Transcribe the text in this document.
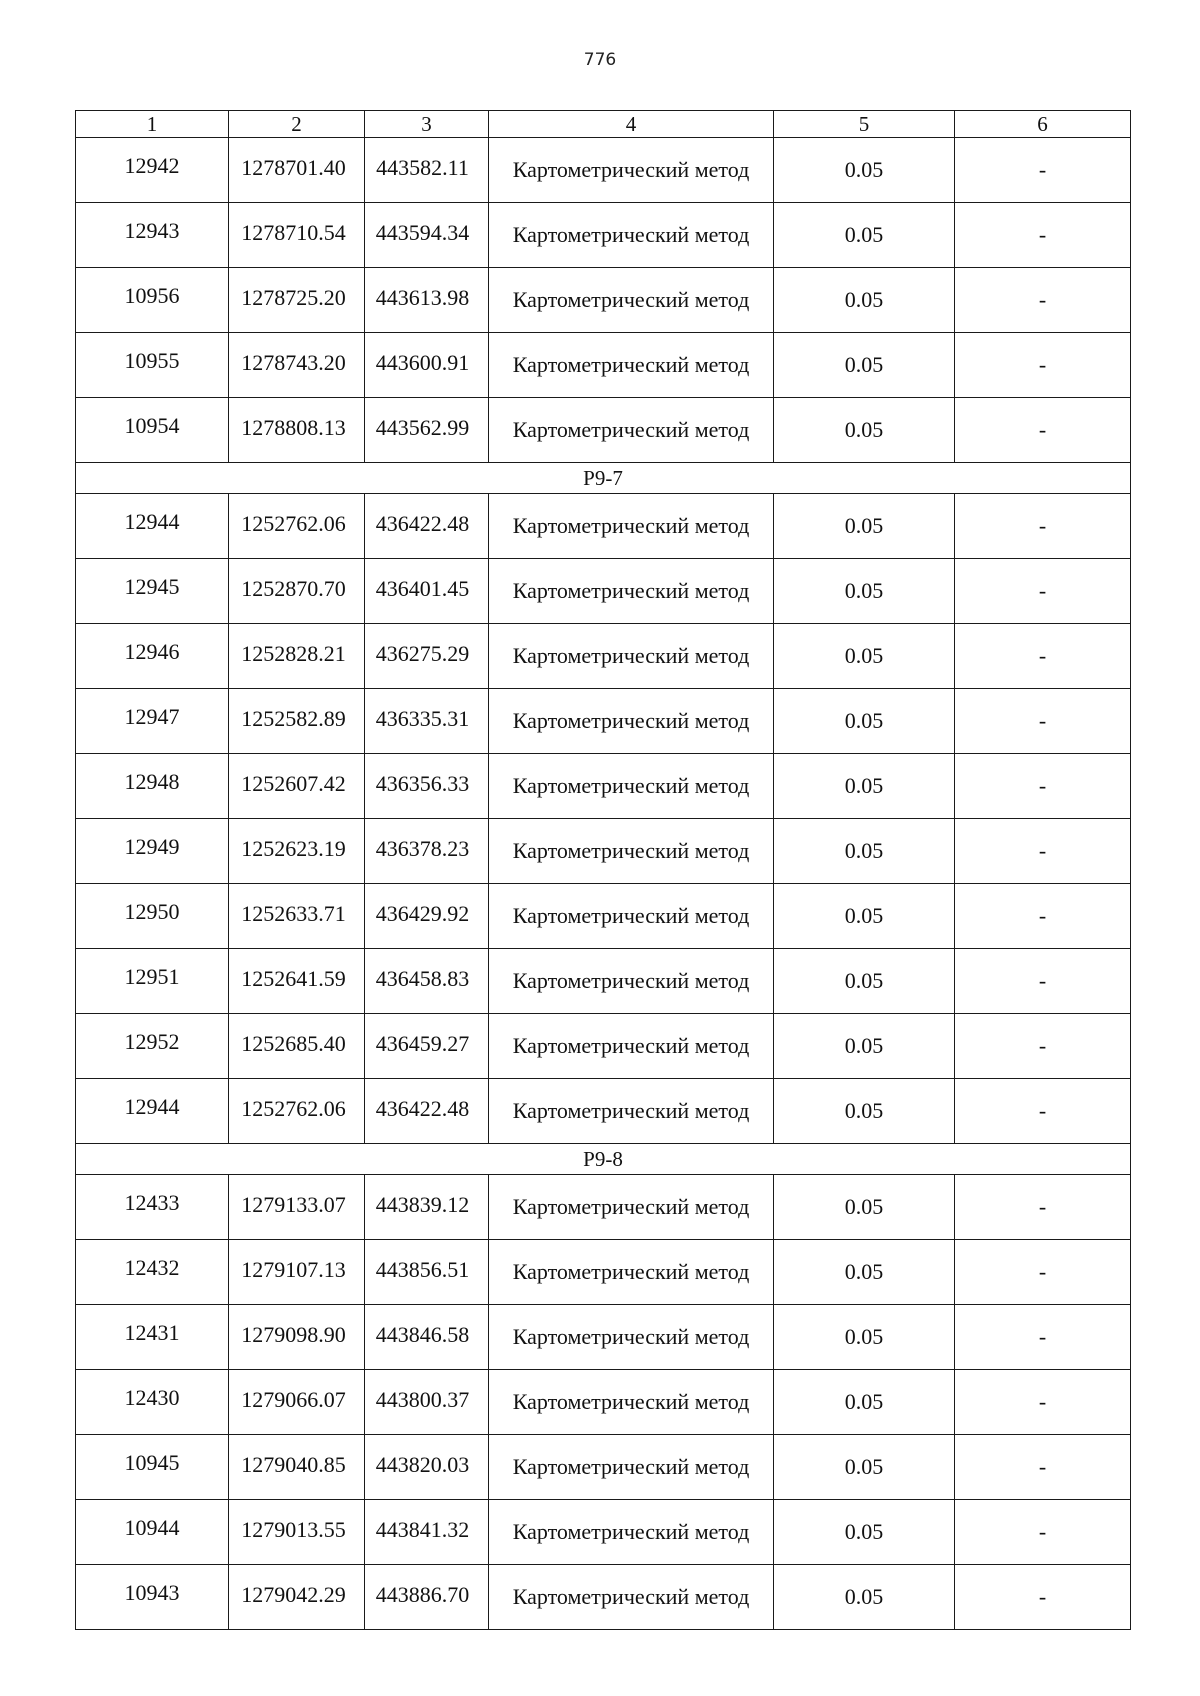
776
1	2	3	4	5	6
12942	1278701.40	443582.11	Картометрический метод	0.05	-
12943	1278710.54	443594.34	Картометрический метод	0.05	-
10956	1278725.20	443613.98	Картометрический метод	0.05	-
10955	1278743.20	443600.91	Картометрический метод	0.05	-
10954	1278808.13	443562.99	Картометрический метод	0.05	-
Р9-7					
12944	1252762.06	436422.48	Картометрический метод	0.05	-
12945	1252870.70	436401.45	Картометрический метод	0.05	-
12946	1252828.21	436275.29	Картометрический метод	0.05	-
12947	1252582.89	436335.31	Картометрический метод	0.05	-
12948	1252607.42	436356.33	Картометрический метод	0.05	-
12949	1252623.19	436378.23	Картометрический метод	0.05	-
12950	1252633.71	436429.92	Картометрический метод	0.05	-
12951	1252641.59	436458.83	Картометрический метод	0.05	-
12952	1252685.40	436459.27	Картометрический метод	0.05	-
12944	1252762.06	436422.48	Картометрический метод	0.05	-
Р9-8					
12433	1279133.07	443839.12	Картометрический метод	0.05	-
12432	1279107.13	443856.51	Картометрический метод	0.05	-
12431	1279098.90	443846.58	Картометрический метод	0.05	-
12430	1279066.07	443800.37	Картометрический метод	0.05	-
10945	1279040.85	443820.03	Картометрический метод	0.05	-
10944	1279013.55	443841.32	Картометрический метод	0.05	-
10943	1279042.29	443886.70	Картометрический метод	0.05	-
